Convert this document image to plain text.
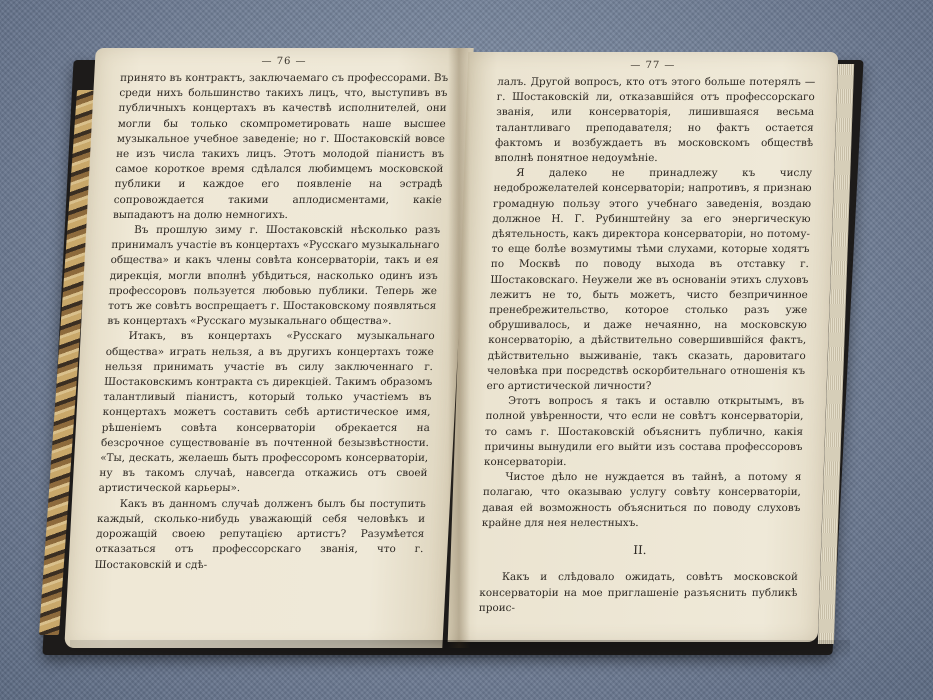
— 76 —

принято въ контрактъ, заключаемаго съ профессорами. Въ среди нихъ большинство такихъ лицъ, что, выступивъ въ публичныхъ концертахъ въ качествѣ исполнителей, они могли бы только скомпрометировать наше высшее музыкальное учебное заведеніе; но г. Шостаковскій вовсе не изъ числа такихъ лицъ. Этотъ молодой піанистъ въ самое короткое время сдѣлался любимцемъ московской публики и каждое его появленіе на эстрадѣ сопровождается такими аплодисментами, какіе выпадаютъ на долю немногихъ.

Въ прошлую зиму г. Шостаковскій нѣсколько разъ принималъ участіе въ концертахъ «Русскаго музыкальнаго общества» и какъ члены совѣта консерваторіи, такъ и ея дирекція, могли вполнѣ убѣдиться, насколько одинъ изъ профессоровъ пользуется любовью публики. Теперь же тотъ же совѣтъ воспрещаетъ г. Шостаковскому появляться въ концертахъ «Русскаго музыкальнаго общества».

Итакъ, въ концертахъ «Русскаго музыкальнаго общества» играть нельзя, а въ другихъ концертахъ тоже нельзя принимать участіе въ силу заключеннаго г. Шостаковскимъ контракта съ дирекціей. Такимъ образомъ талантливый піанистъ, который только участіемъ въ концертахъ можетъ составить себѣ артистическое имя, рѣшеніемъ совѣта консерваторіи обрекается на безсрочное существованіе въ почтенной безызвѣстности. «Ты, дескать, желаешь быть профессоромъ консерваторіи, ну въ такомъ случаѣ, навсегда откажись отъ своей артистической карьеры».

Какъ въ данномъ случаѣ долженъ былъ бы поступить каждый, сколько-нибудь уважающій себя человѣкъ и дорожащій своею репутацією артистъ? Разумѣется отказаться отъ профессорскаго званія, что г. Шостаковскій и сдѣ-

— 77 —

лалъ. Другой вопросъ, кто отъ этого больше потерялъ — г. Шостаковскій ли, отказавшійся отъ профессорскаго званія, или консерваторія, лишившаяся весьма талантливаго преподавателя; но фактъ остается фактомъ и возбуждаетъ въ московскомъ обществѣ вполнѣ понятное недоумѣніе.

Я далеко не принадлежу къ числу недоброжелателей консерваторіи; напротивъ, я признаю громадную пользу этого учебнаго заведенія, воздаю должное Н. Г. Рубинштейну за его энергическую дѣятельность, какъ директора консерваторіи, но потому-то еще болѣе возмутимы тѣми слухами, которые ходятъ по Москвѣ по поводу выхода въ отставку г. Шостаковскаго. Неужели же въ основаніи этихъ слуховъ лежитъ не то, быть можетъ, чисто безпричинное пренебрежительство, которое столько разъ уже обрушивалось, и даже нечаянно, на московскую консерваторію, а дѣйствительно совершившійся фактъ, дѣйствительно выживаніе, такъ сказать, даровитаго человѣка при посредствѣ оскорбительнаго отношенія къ его артистической личности?

Этотъ вопросъ я такъ и оставлю открытымъ, въ полной увѣренности, что если не совѣтъ консерваторіи, то самъ г. Шостаковскій объяснитъ публично, какія причины вынудили его выйти изъ состава профессоровъ консерваторіи.

Чистое дѣло не нуждается въ тайнѣ, а потому я полагаю, что оказываю услугу совѣту консерваторіи, давая ей возможность объясниться по поводу слуховъ крайне для нея нелестныхъ.

II.

Какъ и слѣдовало ожидать, совѣтъ московской консерваторіи на мое приглашеніе разъяснить публикѣ проис-
